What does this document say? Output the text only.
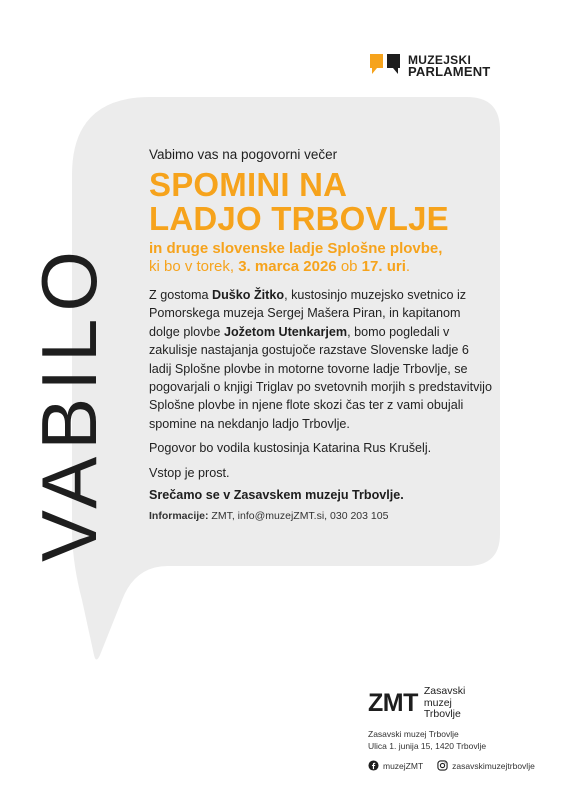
MUZEJSKI
PARLAMENT
VABILO

Vabimo vas na pogovorni večer

SPOMINI NA
LADJO TRBOVLJE

in druge slovenske ladje Splošne plovbe,

ki bo v torek, 3. marca 2026 ob 17. uri.

Z gostoma Duško Žitko, kustosinjo muzejsko svetnico iz Pomorskega muzeja Sergej Mašera Piran, in kapitanom dolge plovbe Jožetom Utenkarjem, bomo pogledali v zakulisje nastajanja gostujoče razstave Slovenske ladje 6 ladij Splošne plovbe in motorne tovorne ladje Trbovlje, se pogovarjali o knjigi Triglav po svetovnih morjih s predstavitvijo Splošne plovbe in njene flote skozi čas ter z vami obujali spomine na nekdanjo ladjo Trbovlje.

Pogovor bo vodila kustosinja Katarina Rus Krušelj.

Vstop je prost.

Srečamo se v Zasavskem muzeju Trbovlje.

Informacije: ZMT, info@muzejZMT.si, 030 203 105

ZMT Zasavski
muzej
Trbovlje
Zasavski muzej Trbovlje
Ulica 1. junija 15, 1420 Trbovlje
muzejZMT	zasavskimuzejtrbovlje
